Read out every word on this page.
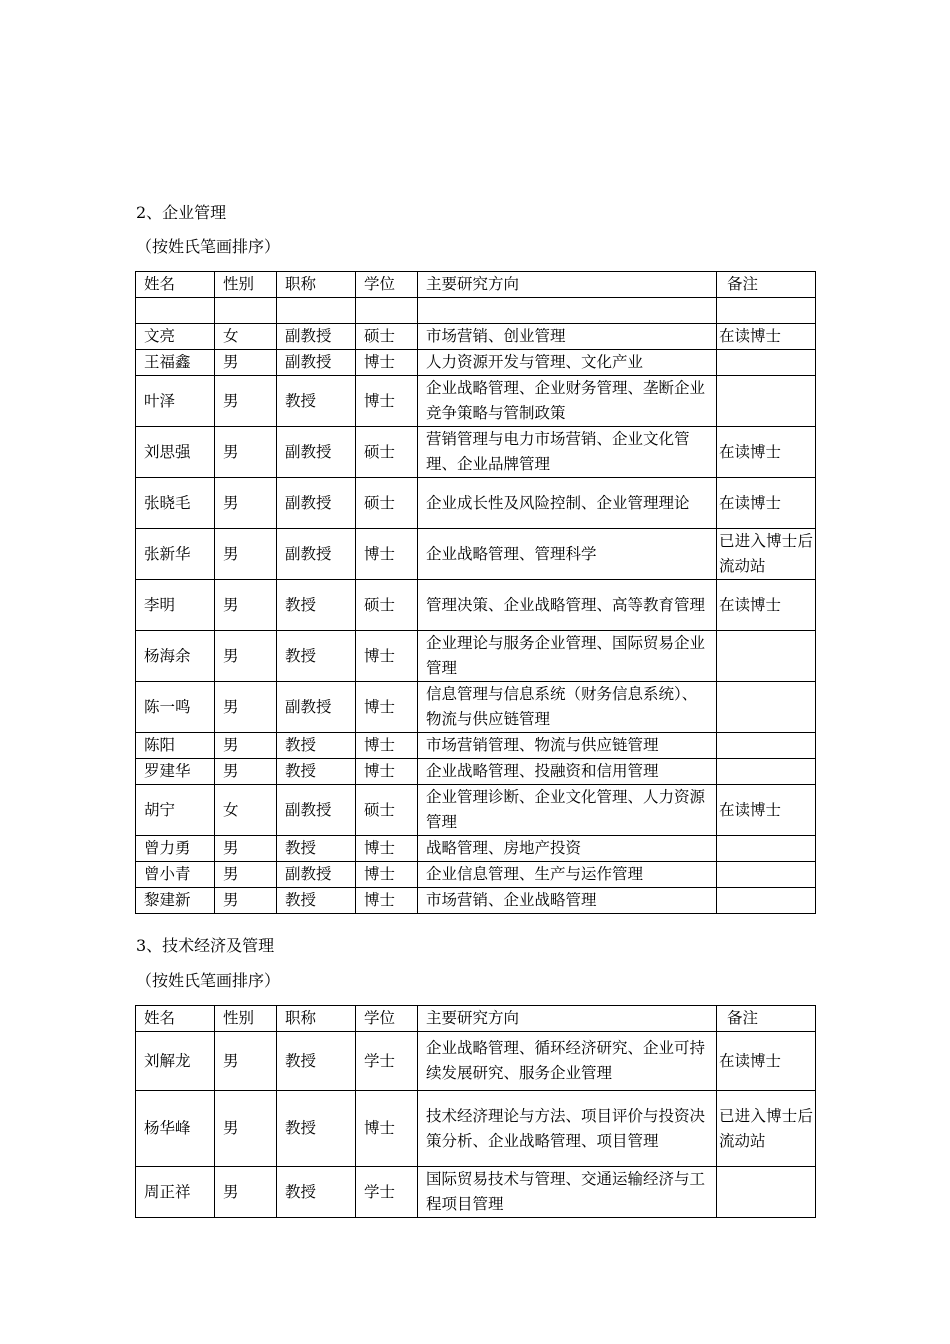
2、企业管理
（按姓氏笔画排序）
姓名	性别	职称	学位	主要研究方向	备注

文亮	女	副教授	硕士	市场营销、创业管理	在读博士
王福鑫	男	副教授	博士	人力资源开发与管理、文化产业	
叶泽	男	教授	博士	企业战略管理、企业财务管理、垄断企业竞争策略与管制政策	
刘思强	男	副教授	硕士	营销管理与电力市场营销、企业文化管理、企业品牌管理	在读博士
张晓毛	男	副教授	硕士	企业成长性及风险控制、企业管理理论	在读博士
张新华	男	副教授	博士	企业战略管理、管理科学	已进入博士后流动站
李明	男	教授	硕士	管理决策、企业战略管理、高等教育管理	在读博士
杨海余	男	教授	博士	企业理论与服务企业管理、国际贸易企业管理	
陈一鸣	男	副教授	博士	信息管理与信息系统（财务信息系统）、物流与供应链管理	
陈阳	男	教授	博士	市场营销管理、物流与供应链管理	
罗建华	男	教授	博士	企业战略管理、投融资和信用管理	
胡宁	女	副教授	硕士	企业管理诊断、企业文化管理、人力资源管理	在读博士
曾力勇	男	教授	博士	战略管理、房地产投资	
曾小青	男	副教授	博士	企业信息管理、生产与运作管理	
黎建新	男	教授	博士	市场营销、企业战略管理	
3、技术经济及管理
（按姓氏笔画排序）
姓名	性别	职称	学位	主要研究方向	备注
刘解龙	男	教授	学士	企业战略管理、循环经济研究、企业可持续发展研究、服务企业管理	在读博士
杨华峰	男	教授	博士	技术经济理论与方法、项目评价与投资决策分析、企业战略管理、项目管理	已进入博士后流动站
周正祥	男	教授	学士	国际贸易技术与管理、交通运输经济与工程项目管理	
